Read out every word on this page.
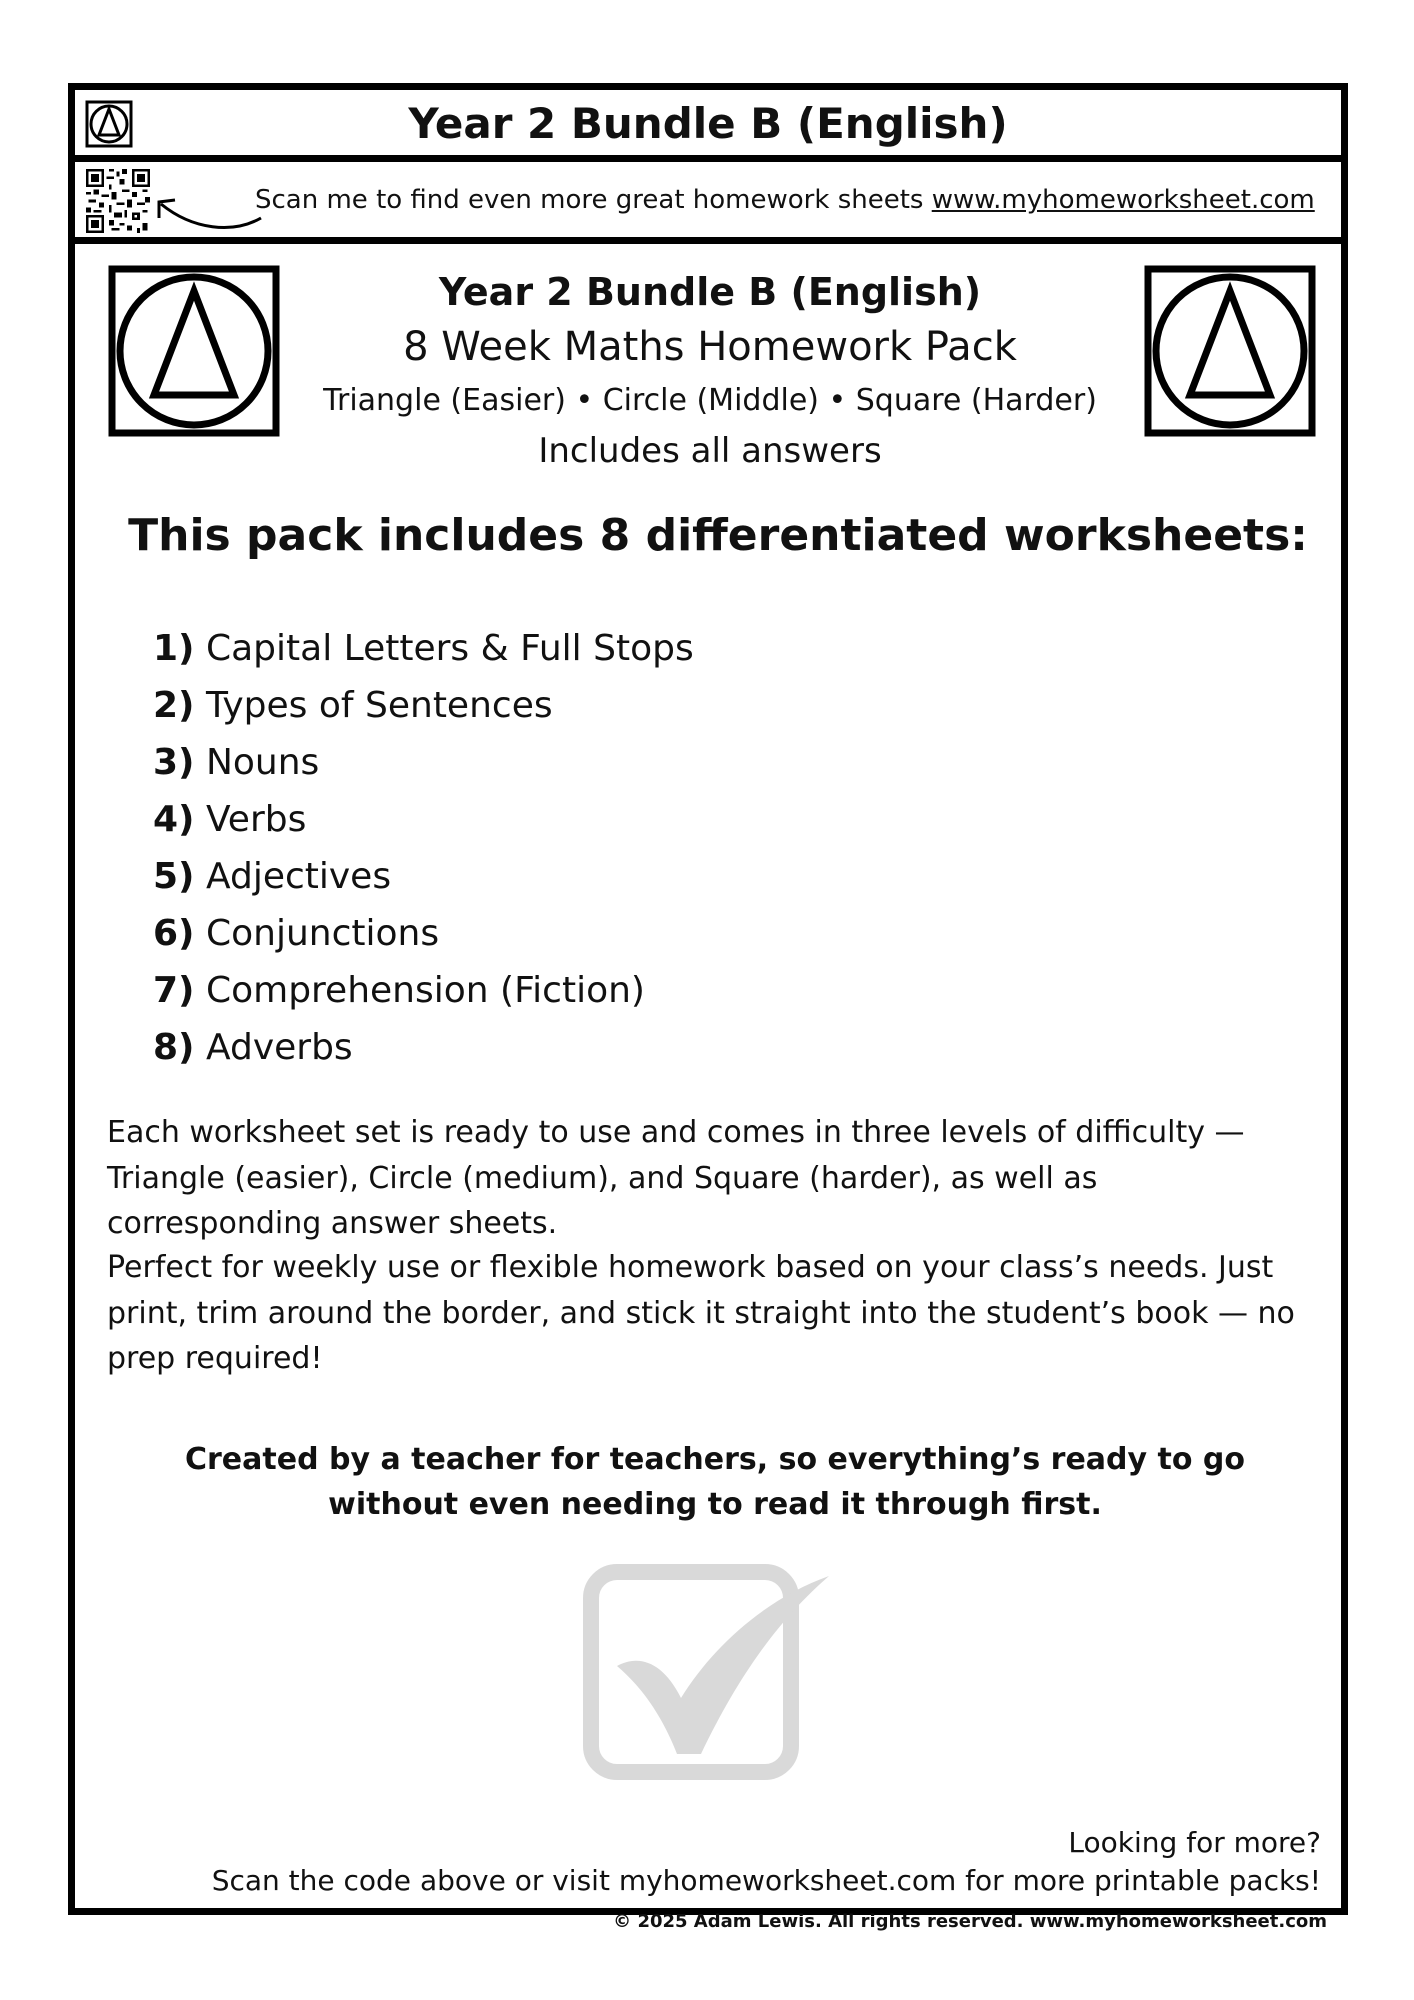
Year 2 Bundle B (English)
Scan me to find even more great homework sheets www.myhomeworksheet.com
Year 2 Bundle B (English)
8 Week Maths Homework Pack
Triangle (Easier) • Circle (Middle) • Square (Harder)
Includes all answers
This pack includes 8 differentiated worksheets:
1) Capital Letters & Full Stops
2) Types of Sentences
3) Nouns
4) Verbs
5) Adjectives
6) Conjunctions
7) Comprehension (Fiction)
8) Adverbs
Each worksheet set is ready to use and comes in three levels of difficulty — Triangle (easier), Circle (medium), and Square (harder), as well as corresponding answer sheets.
Perfect for weekly use or flexible homework based on your class’s needs. Just print, trim around the border, and stick it straight into the student’s book — no prep required!
Created by a teacher for teachers, so everything’s ready to go without even needing to read it through first.
Looking for more?
Scan the code above or visit myhomeworksheet.com for more printable packs!
© 2025 Adam Lewis. All rights reserved. www.myhomeworksheet.com
